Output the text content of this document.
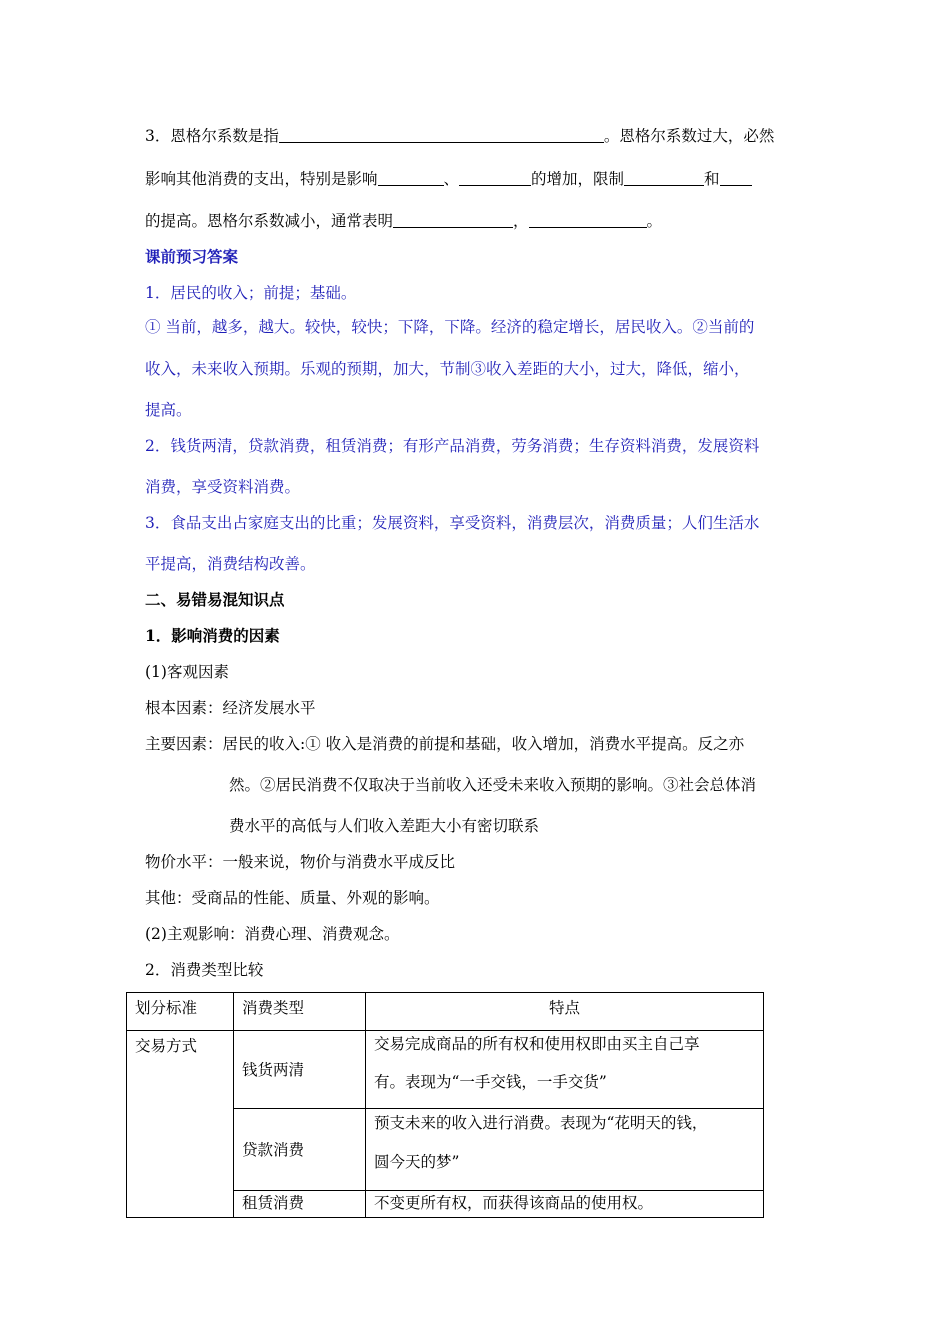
3．恩格尔系数是指	。恩格尔系数过大，必然
影响其他消费的支出，特别是影响	、	的增加，限制	和
的提高。恩格尔系数减小，通常表明	，	。
课前预习答案
1．居民的收入；前提；基础。
① 当前，越多，越大。较快，较快；下降，下降。经济的稳定增长，居民收入。②当前的
收入，未来收入预期。乐观的预期，加大，节制③收入差距的大小，过大，降低，缩小，
提高。
2．钱货两清，贷款消费，租赁消费；有形产品消费，劳务消费；生存资料消费，发展资料
消费，享受资料消费。
3．食品支出占家庭支出的比重；发展资料，享受资料，消费层次，消费质量；人们生活水
平提高，消费结构改善。
二、易错易混知识点
1．影响消费的因素
(1)客观因素
根本因素：经济发展水平
主要因素：居民的收入:① 收入是消费的前提和基础，收入增加，消费水平提高。反之亦
然。②居民消费不仅取决于当前收入还受未来收入预期的影响。③社会总体消
费水平的高低与人们收入差距大小有密切联系
物价水平：一般来说，物价与消费水平成反比
其他：受商品的性能、质量、外观的影响。
(2)主观影响：消费心理、消费观念。
2．消费类型比较
划分标准	消费类型	特点
交易方式	钱货两清	交易完成商品的所有权和使用权即由买主自己享
有。表现为“一手交钱，一手交货”

	贷款消费	预支未来的收入进行消费。表现为“花明天的钱，
圆今天的梦”

	租赁消费	不变更所有权，而获得该商品的使用权。
